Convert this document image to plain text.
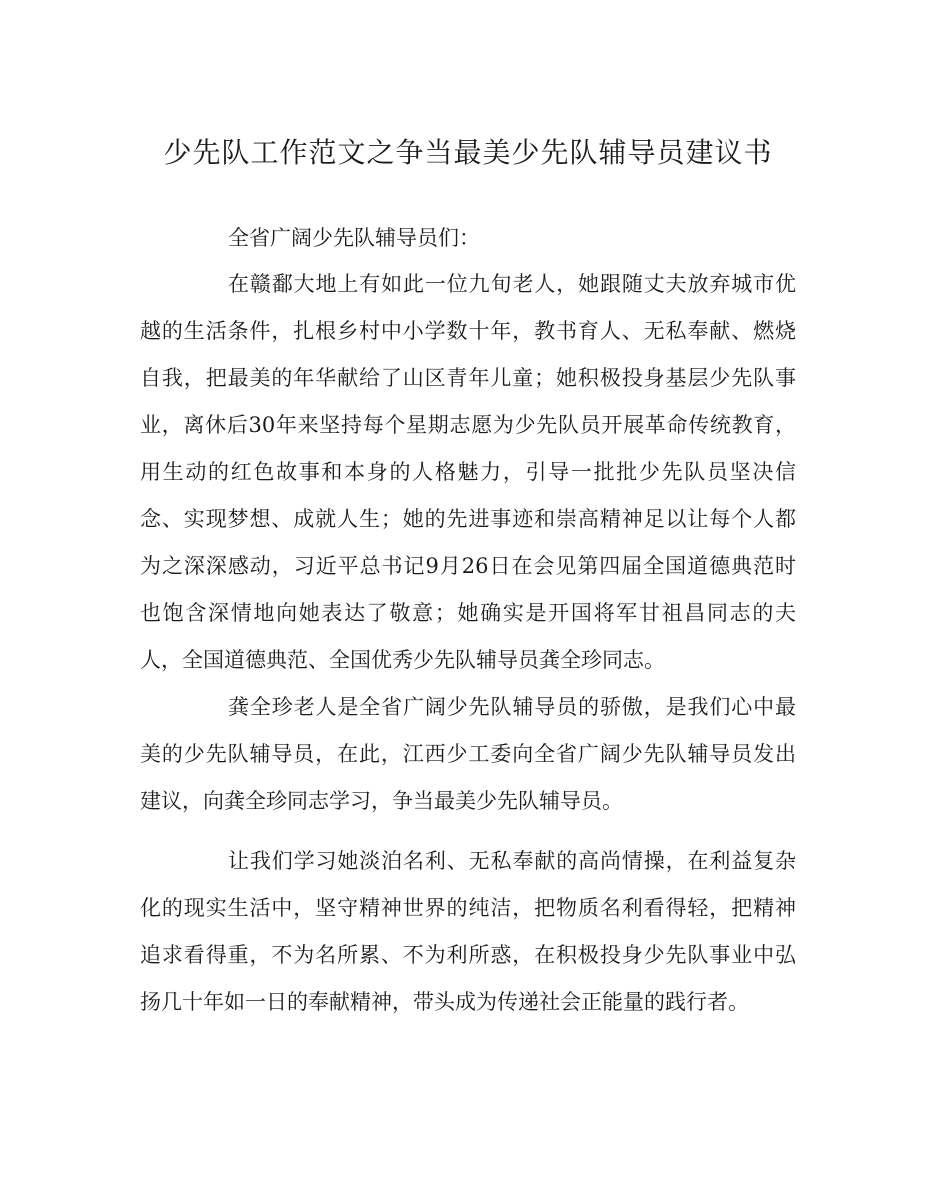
少先队工作范文之争当最美少先队辅导员建议书

全省广阔少先队辅导员们：

在赣鄱大地上有如此一位九旬老人，她跟随丈夫放弃城市优

越的生活条件，扎根乡村中小学数十年，教书育人、无私奉献、燃烧

自我，把最美的年华献给了山区青年儿童；她积极投身基层少先队事

业，离休后30年来坚持每个星期志愿为少先队员开展革命传统教育，

用生动的红色故事和本身的人格魅力，引导一批批少先队员坚决信

念、实现梦想、成就人生；她的先进事迹和崇高精神足以让每个人都

为之深深感动，习近平总书记9月26日在会见第四届全国道德典范时

也饱含深情地向她表达了敬意；她确实是开国将军甘祖昌同志的夫

人，全国道德典范、全国优秀少先队辅导员龚全珍同志。

龚全珍老人是全省广阔少先队辅导员的骄傲，是我们心中最

美的少先队辅导员，在此，江西少工委向全省广阔少先队辅导员发出

建议，向龚全珍同志学习，争当最美少先队辅导员。

让我们学习她淡泊名利、无私奉献的高尚情操，在利益复杂

化的现实生活中，坚守精神世界的纯洁，把物质名利看得轻，把精神

追求看得重，不为名所累、不为利所惑，在积极投身少先队事业中弘

扬几十年如一日的奉献精神，带头成为传递社会正能量的践行者。
